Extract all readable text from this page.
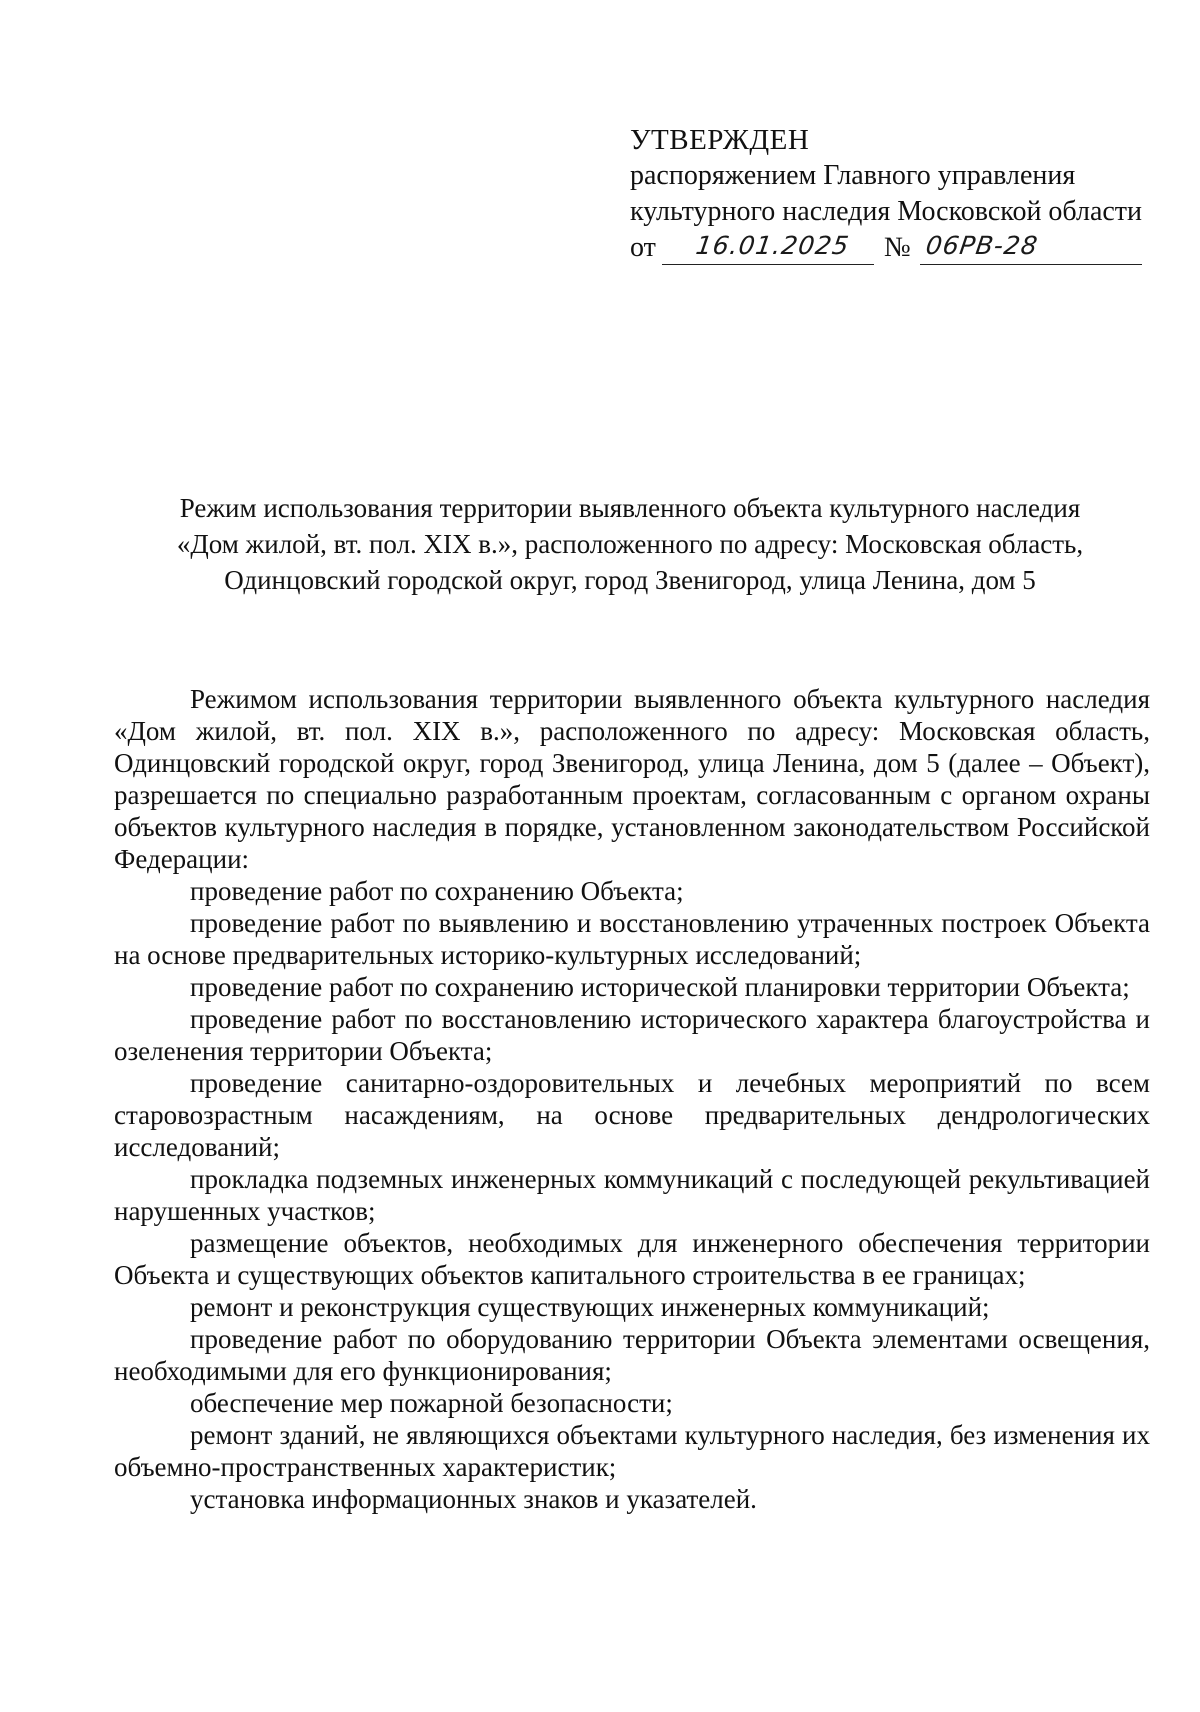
УТВЕРЖДЕН
распоряжением Главного управления
культурного наследия Московской области
от 16.01.2025 № 06РВ-28
Режим использования территории выявленного объекта культурного наследия
«Дом жилой, вт. пол. XIX в.», расположенного по адресу: Московская область,
Одинцовский городской округ, город Звенигород, улица Ленина, дом 5

Режимом использования территории выявленного объекта культурного наследия «Дом жилой, вт. пол. XIX в.», расположенного по адресу: Московская область, Одинцовский городской округ, город Звенигород, улица Ленина, дом 5 (далее – Объект), разрешается по специально разработанным проектам, согласованным с органом охраны объектов культурного наследия в порядке, установленном законодательством Российской Федерации:

проведение работ по сохранению Объекта;

проведение работ по выявлению и восстановлению утраченных построек Объекта на основе предварительных историко-культурных исследований;

проведение работ по сохранению исторической планировки территории Объекта;

проведение работ по восстановлению исторического характера благоустройства и озеленения территории Объекта;

проведение санитарно-оздоровительных и лечебных мероприятий по всем старовозрастным насаждениям, на основе предварительных дендрологических исследований;

прокладка подземных инженерных коммуникаций с последующей рекультивацией нарушенных участков;

размещение объектов, необходимых для инженерного обеспечения территории Объекта и существующих объектов капитального строительства в ее границах;

ремонт и реконструкция существующих инженерных коммуникаций;

проведение работ по оборудованию территории Объекта элементами освещения, необходимыми для его функционирования;

обеспечение мер пожарной безопасности;

ремонт зданий, не являющихся объектами культурного наследия, без изменения их объемно-пространственных характеристик;

установка информационных знаков и указателей.
